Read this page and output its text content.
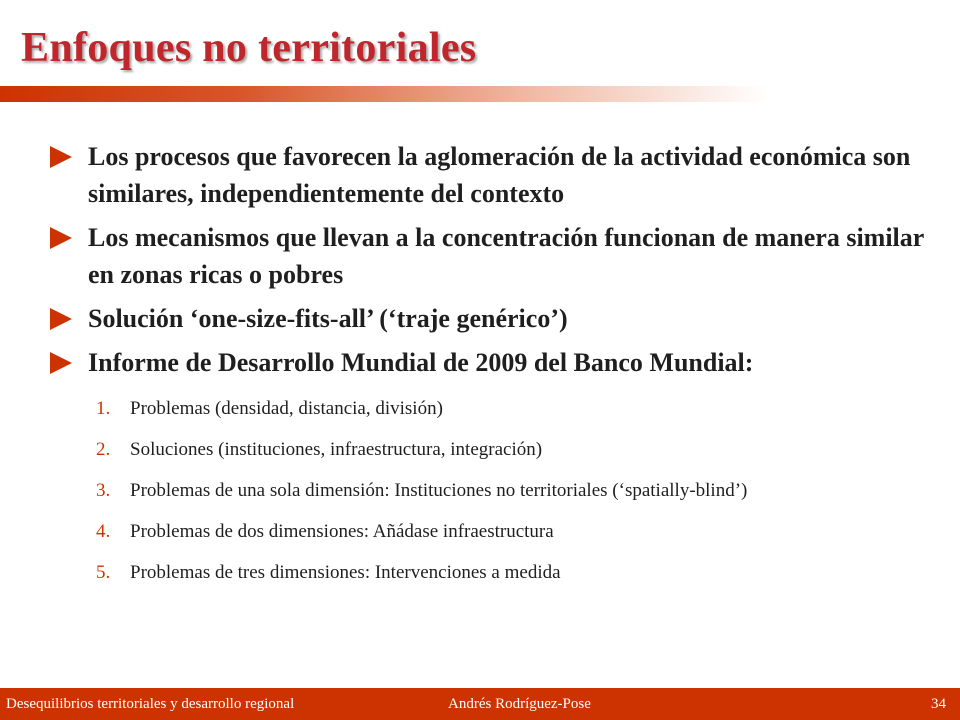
Enfoques no territoriales
Los procesos que favorecen la aglomeración de la actividad económica son similares, independientemente del contexto
Los mecanismos que llevan a la concentración funcionan de manera similar en zonas ricas o pobres
Solución ‘one-size-fits-all’ (‘traje genérico’)
Informe de Desarrollo Mundial de 2009 del Banco Mundial:
1. Problemas (densidad, distancia, división)
2. Soluciones (instituciones, infraestructura, integración)
3. Problemas de una sola dimensión: Instituciones no territoriales (‘spatially-blind’)
4. Problemas de dos dimensiones: Añádase infraestructura
5. Problemas de tres dimensiones: Intervenciones a medida
Desequilibrios territoriales y desarrollo regional	Andrés Rodríguez-Pose	34
